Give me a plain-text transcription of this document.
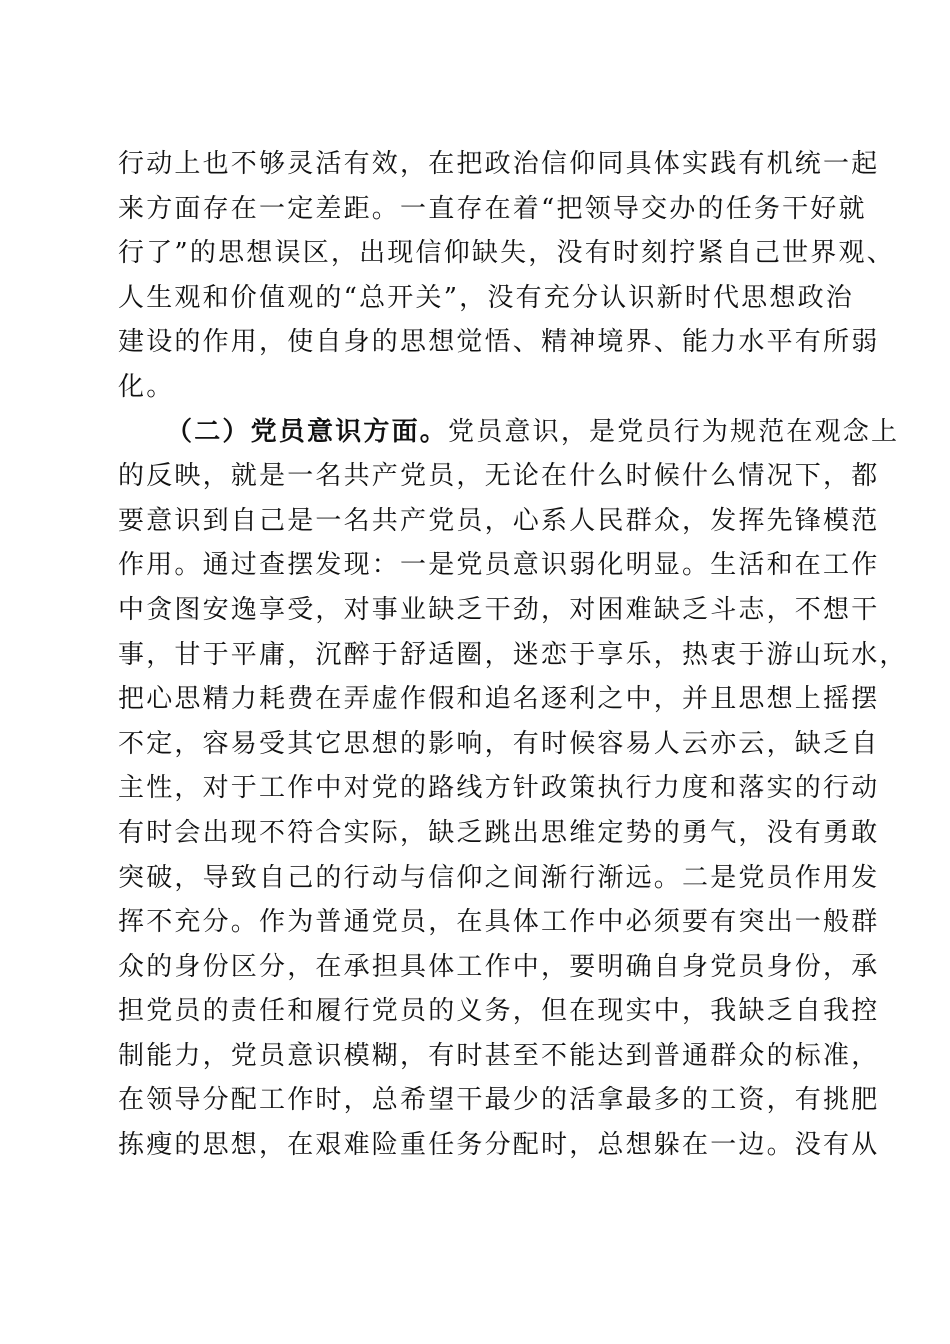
行动上也不够灵活有效，在把政治信仰同具体实践有机统一起
来方面存在一定差距。一直存在着“把领导交办的任务干好就
行了”的思想误区，出现信仰缺失，没有时刻拧紧自己世界观、
人生观和价值观的“总开关”，没有充分认识新时代思想政治
建设的作用，使自身的思想觉悟、精神境界、能力水平有所弱
化。
（二）党员意识方面。党员意识，是党员行为规范在观念上
的反映，就是一名共产党员，无论在什么时候什么情况下，都
要意识到自己是一名共产党员，心系人民群众，发挥先锋模范
作用。通过查摆发现：一是党员意识弱化明显。生活和在工作
中贪图安逸享受，对事业缺乏干劲，对困难缺乏斗志，不想干
事，甘于平庸，沉醉于舒适圈，迷恋于享乐，热衷于游山玩水，
把心思精力耗费在弄虚作假和追名逐利之中，并且思想上摇摆
不定，容易受其它思想的影响，有时候容易人云亦云，缺乏自
主性，对于工作中对党的路线方针政策执行力度和落实的行动
有时会出现不符合实际，缺乏跳出思维定势的勇气，没有勇敢
突破，导致自己的行动与信仰之间渐行渐远。二是党员作用发
挥不充分。作为普通党员，在具体工作中必须要有突出一般群
众的身份区分，在承担具体工作中，要明确自身党员身份，承
担党员的责任和履行党员的义务，但在现实中，我缺乏自我控
制能力，党员意识模糊，有时甚至不能达到普通群众的标准，
在领导分配工作时，总希望干最少的活拿最多的工资，有挑肥
拣瘦的思想，在艰难险重任务分配时，总想躲在一边。没有从
